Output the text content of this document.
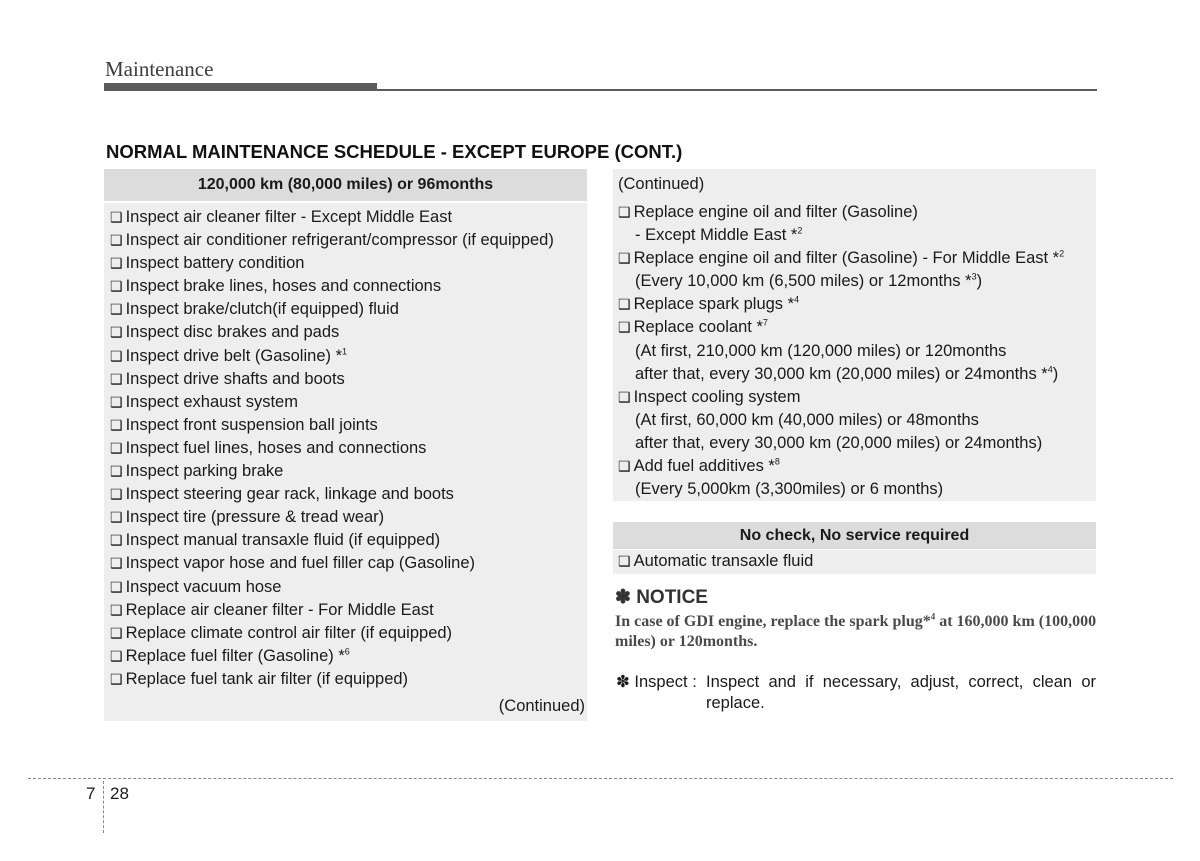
Maintenance
NORMAL MAINTENANCE SCHEDULE - EXCEPT EUROPE (CONT.)
120,000 km (80,000 miles) or 96months
❑ Inspect air cleaner filter - Except Middle East
❑ Inspect air conditioner refrigerant/compressor (if equipped)
❑ Inspect battery condition
❑ Inspect brake lines, hoses and connections
❑ Inspect brake/clutch(if equipped) fluid
❑ Inspect disc brakes and pads
❑ Inspect drive belt (Gasoline) *$^1$
❑ Inspect drive shafts and boots
❑ Inspect exhaust system
❑ Inspect front suspension ball joints
❑ Inspect fuel lines, hoses and connections
❑ Inspect parking brake
❑ Inspect steering gear rack, linkage and boots
❑ Inspect tire (pressure & tread wear)
❑ Inspect manual transaxle fluid (if equipped)
❑ Inspect vapor hose and fuel filler cap (Gasoline)
❑ Inspect vacuum hose
❑ Replace air cleaner filter - For Middle East
❑ Replace climate control air filter (if equipped)
❑ Replace fuel filter (Gasoline) *$^6$
❑ Replace fuel tank air filter (if equipped)
(Continued)
(Continued)
❑ Replace engine oil and filter (Gasoline)
- Except Middle East *$^2$
❑ Replace engine oil and filter (Gasoline) - For Middle East *$^2$
(Every 10,000 km (6,500 miles) or 12months *$^3$)
❑ Replace spark plugs *$^4$
❑ Replace coolant *$^7$
(At first, 210,000 km (120,000 miles) or 120months
after that, every 30,000 km (20,000 miles) or 24months *$^4$)
❑ Inspect cooling system
(At first, 60,000 km (40,000 miles) or 48months
after that, every 30,000 km (20,000 miles) or 24months)
❑ Add fuel additives *$^8$
(Every 5,000km (3,300miles) or 6 months)
No check, No service required
❑ Automatic transaxle fluid
✽ NOTICE
In case of GDI engine, replace the spark plug*$^4$ at 160,000 km (100,000 miles) or 120months.
✽ Inspect : Inspect and if necessary, adjust, correct, clean or replace.
7 28
